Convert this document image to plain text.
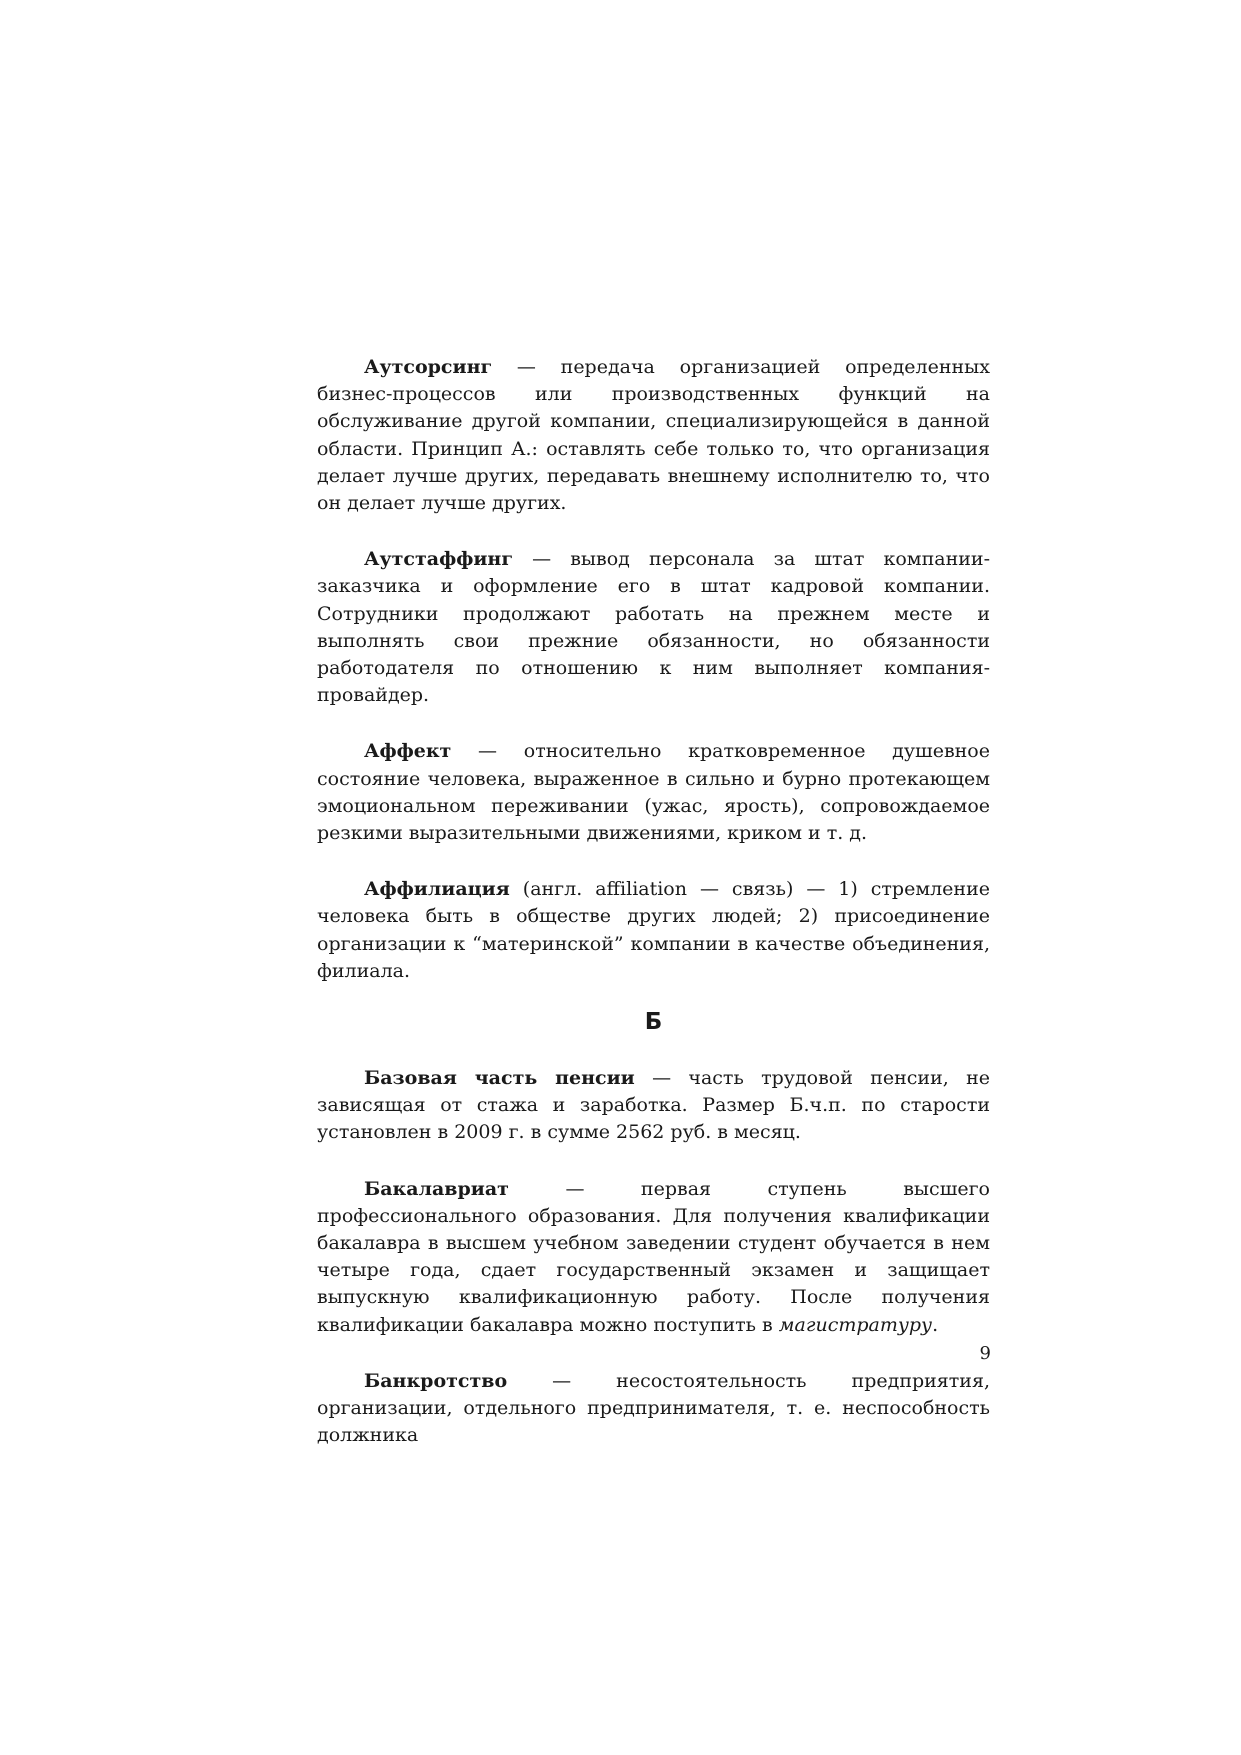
Аутсорсинг — передача организацией определенных бизнес-процессов или производственных функций на обслуживание другой компании, специализирующейся в данной области. Принцип А.: оставлять себе только то, что организация делает лучше других, передавать внешнему исполнителю то, что он делает лучше других.

Аутстаффинг — вывод персонала за штат компании-заказчика и оформление его в штат кадровой компании. Сотрудники продолжают работать на прежнем месте и выполнять свои прежние обязанности, но обязанности работодателя по отношению к ним выполняет компания-провайдер.

Аффект — относительно кратковременное душевное состояние человека, выраженное в сильно и бурно протекающем эмоциональном переживании (ужас, ярость), сопровождаемое резкими выразительными движениями, криком и т. д.

Аффилиация (англ. affiliation — связь) — 1) стремление человека быть в обществе других людей; 2) присоединение организации к “материнской” компании в качестве объединения, филиала.

Б

Базовая часть пенсии — часть трудовой пенсии, не зависящая от стажа и заработка. Размер Б.ч.п. по старости установлен в 2009 г. в сумме 2562 руб. в месяц.

Бакалавриат — первая ступень высшего профессионального образования. Для получения квалификации бакалавра в высшем учебном заведении студент обучается в нем четыре года, сдает государственный экзамен и защищает выпускную квалификационную работу. После получения квалификации бакалавра можно поступить в магистратуру.

Банкротство — несостоятельность предприятия, организации, отдельного предпринимателя, т. е. неспособность должника

9
